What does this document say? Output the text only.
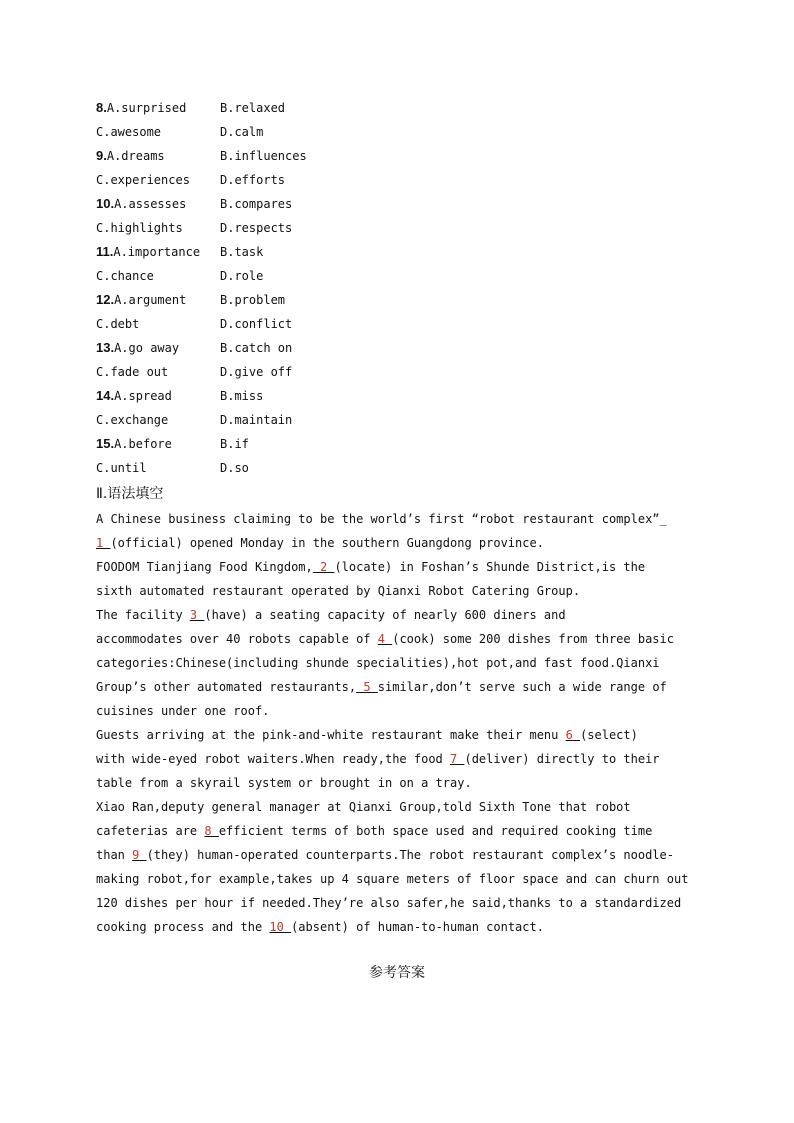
8.A.surprised	B.relaxed
C.awesome	D.calm
9.A.dreams	B.influences
C.experiences	D.efforts
10.A.assesses	B.compares
C.highlights	D.respects
11.A.importance B.task
C.chance	D.role
12.A.argument	B.problem
C.debt	D.conflict
13.A.go away	B.catch on
C.fade out	D.give off
14.A.spread	B.miss
C.exchange	D.maintain
15.A.before	B.if
C.until	D.so
Ⅱ.语法填空
A Chinese business claiming to be the world’s first “robot restaurant complex”_
1 (official) opened Monday in the southern Guangdong province.
FOODOM Tianjiang Food Kingdom, 2 (locate) in Foshan’s Shunde District,is the
sixth automated restaurant operated by Qianxi Robot Catering Group.
The facility 3 (have) a seating capacity of nearly 600 diners and
accommodates over 40 robots capable of 4 (cook) some 200 dishes from three basic
categories:Chinese(including shunde specialities),hot pot,and fast food.Qianxi
Group’s other automated restaurants, 5 similar,don’t serve such a wide range of
cuisines under one roof.
Guests arriving at the pink-and-white restaurant make their menu 6 (select)
with wide-eyed robot waiters.When ready,the food 7 (deliver) directly to their
table from a skyrail system or brought in on a tray.
Xiao Ran,deputy general manager at Qianxi Group,told Sixth Tone that robot
cafeterias are 8 efficient terms of both space used and required cooking time
than 9 (they) human-operated counterparts.The robot restaurant complex’s noodle-
making robot,for example,takes up 4 square meters of floor space and can churn out
120 dishes per hour if needed.They’re also safer,he said,thanks to a standardized
cooking process and the 10 (absent) of human-to-human contact.
参考答案
